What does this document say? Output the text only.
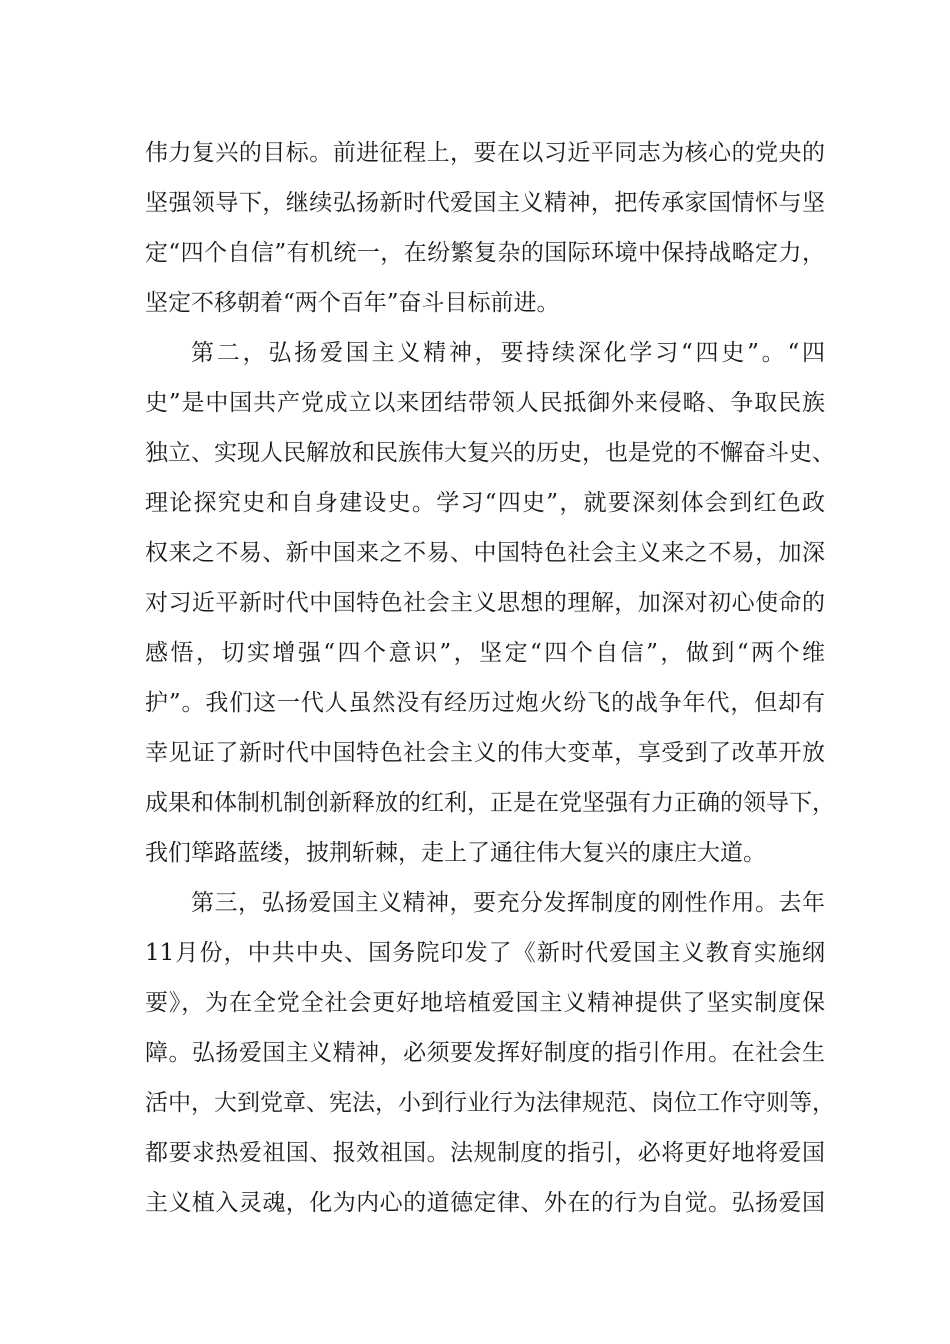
伟力复兴的目标。前进征程上，要在以习近平同志为核心的党央的
坚强领导下，继续弘扬新时代爱国主义精神，把传承家国情怀与坚
定“四个自信”有机统一，在纷繁复杂的国际环境中保持战略定力，
坚定不移朝着“两个百年”奋斗目标前进。
第二，弘扬爱国主义精神，要持续深化学习“四史”。“四
史”是中国共产党成立以来团结带领人民抵御外来侵略、争取民族
独立、实现人民解放和民族伟大复兴的历史，也是党的不懈奋斗史、
理论探究史和自身建设史。学习“四史”，就要深刻体会到红色政
权来之不易、新中国来之不易、中国特色社会主义来之不易，加深
对习近平新时代中国特色社会主义思想的理解，加深对初心使命的
感悟，切实增强“四个意识”，坚定“四个自信”，做到“两个维
护”。我们这一代人虽然没有经历过炮火纷飞的战争年代，但却有
幸见证了新时代中国特色社会主义的伟大变革，享受到了改革开放
成果和体制机制创新释放的红利，正是在党坚强有力正确的领导下，
我们筚路蓝缕，披荆斩棘，走上了通往伟大复兴的康庄大道。
第三，弘扬爱国主义精神，要充分发挥制度的刚性作用。去年
11月份，中共中央、国务院印发了《新时代爱国主义教育实施纲
要》，为在全党全社会更好地培植爱国主义精神提供了坚实制度保
障。弘扬爱国主义精神，必须要发挥好制度的指引作用。在社会生
活中，大到党章、宪法，小到行业行为法律规范、岗位工作守则等，
都要求热爱祖国、报效祖国。法规制度的指引，必将更好地将爱国
主义植入灵魂，化为内心的道德定律、外在的行为自觉。弘扬爱国
